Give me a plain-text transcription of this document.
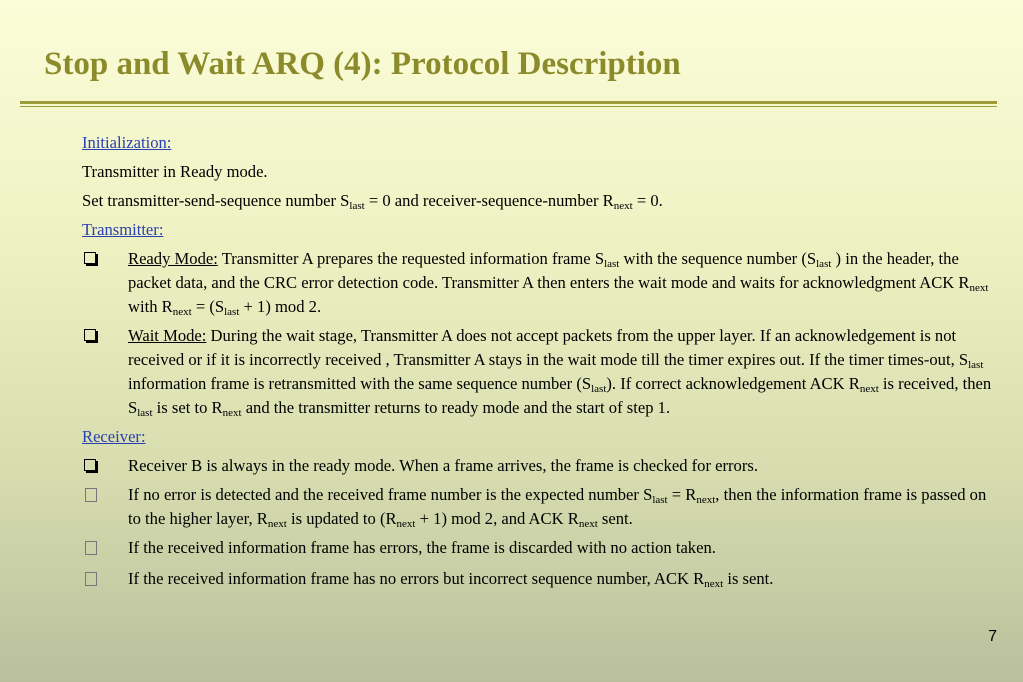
Stop and Wait ARQ (4): Protocol Description
Initialization:
Transmitter in Ready mode.
Set transmitter-send-sequence number $S_{last} = 0$ and receiver-sequence-number $R_{next} = 0$.
Transmitter:
Ready Mode: Transmitter A prepares the requested information frame $S_{last}$ with the sequence number ($S_{last}$ ) in the header, the packet data, and the CRC error detection code. Transmitter A then enters the wait mode and waits for acknowledgment ACK $R_{next}$ with $R_{next} = (S_{last} + 1)$ mod 2.
Wait Mode: During the wait stage, Transmitter A does not accept packets from the upper layer. If an acknowledgement is not received or if it is incorrectly received , Transmitter A stays in the wait mode till the timer expires out. If the timer times-out, $S_{last}$ information frame is retransmitted with the same sequence number $(S_{last})$. If correct acknowledgement ACK $R_{next}$ is received, then $S_{last}$ is set to $R_{next}$ and the transmitter returns to ready mode and the start of step 1.
Receiver:
Receiver B is always in the ready mode. When a frame arrives, the frame is checked for errors.
If no error is detected and the received frame number is the expected number $S_{last} = R_{next}$, then the information frame is passed on to the higher layer, $R_{next}$ is updated to $(R_{next} + 1)$ mod 2, and ACK $R_{next}$ sent.
If the received information frame has errors, the frame is discarded with no action taken.
If the received information frame has no errors but incorrect sequence number, ACK $R_{next}$ is sent.
7
